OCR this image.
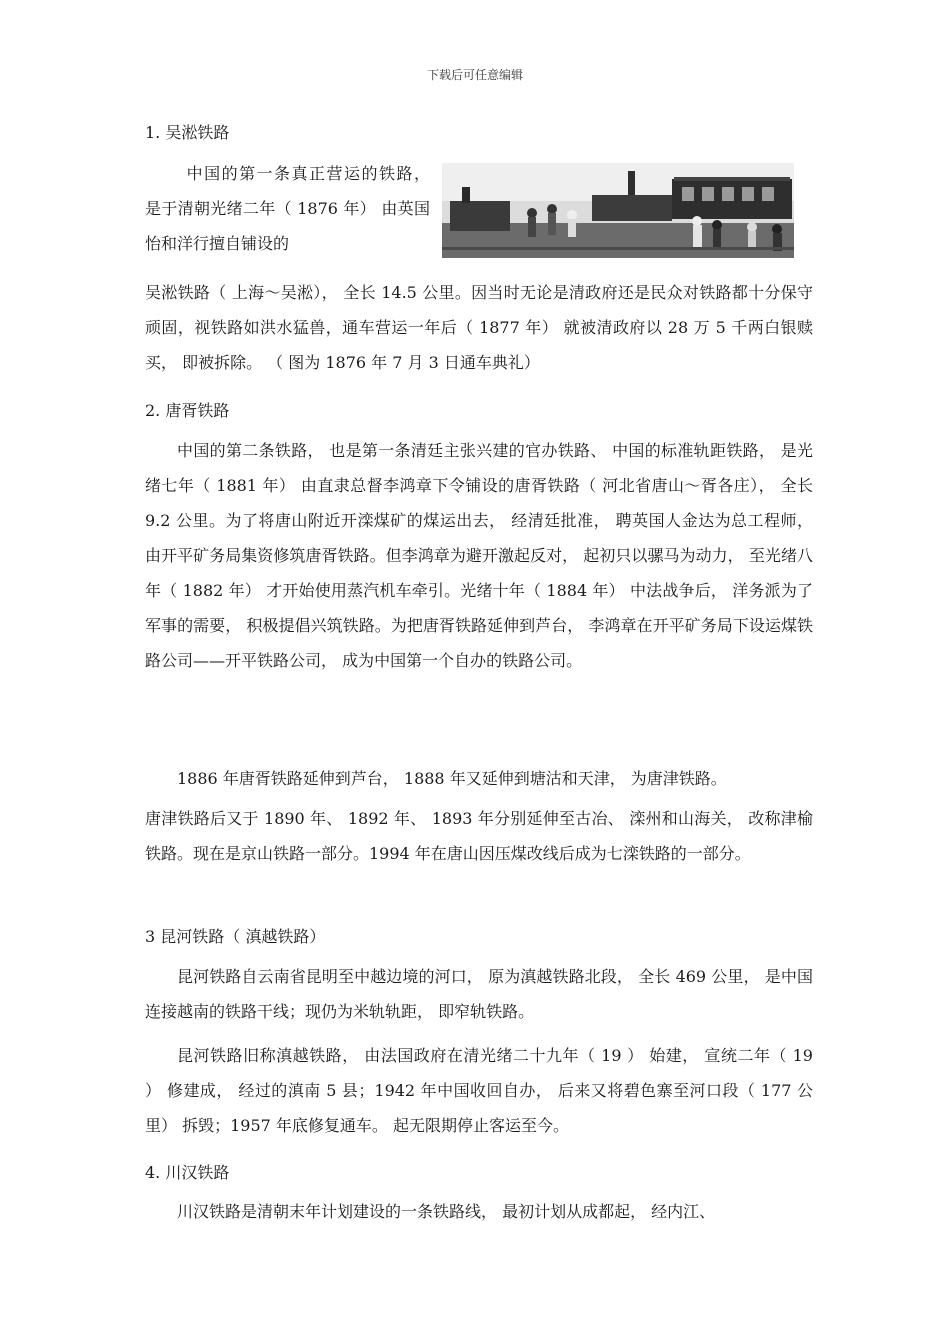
下载后可任意编辑
1. 吴淞铁路

中国的第一条真正营运的铁路， 是于清朝光绪二年（ 1876 年） 由英国怡和洋行擅自铺设的

吴淞铁路（ 上海～吴淞）， 全长 14.5 公里。因当时无论是清政府还是民众对铁路都十分保守顽固，视铁路如洪水猛兽，通车营运一年后（ 1877 年） 就被清政府以 28 万 5 千两白银赎买， 即被拆除。 （ 图为 1876 年 7 月 3 日通车典礼）

2. 唐胥铁路

中国的第二条铁路， 也是第一条清廷主张兴建的官办铁路、 中国的标准轨距铁路， 是光绪七年（ 1881 年） 由直隶总督李鸿章下令铺设的唐胥铁路（ 河北省唐山～胥各庄）， 全长 9.2 公里。为了将唐山附近开滦煤矿的煤运出去， 经清廷批准， 聘英国人金达为总工程师， 由开平矿务局集资修筑唐胥铁路。但李鸿章为避开激起反对， 起初只以骡马为动力， 至光绪八年（ 1882 年） 才开始使用蒸汽机车牵引。光绪十年（ 1884 年） 中法战争后， 洋务派为了军事的需要， 积极提倡兴筑铁路。为把唐胥铁路延伸到芦台， 李鸿章在开平矿务局下设运煤铁路公司——开平铁路公司， 成为中国第一个自办的铁路公司。

1886 年唐胥铁路延伸到芦台， 1888 年又延伸到塘沽和天津， 为唐津铁路。

唐津铁路后又于 1890 年、 1892 年、 1893 年分别延伸至古冶、 滦州和山海关， 改称津榆铁路。现在是京山铁路一部分。1994 年在唐山因压煤改线后成为七滦铁路的一部分。

3 昆河铁路（ 滇越铁路）

昆河铁路自云南省昆明至中越边境的河口， 原为滇越铁路北段， 全长 469 公里， 是中国连接越南的铁路干线；现仍为米轨轨距， 即窄轨铁路。

昆河铁路旧称滇越铁路， 由法国政府在清光绪二十九年（ 19 ） 始建， 宣统二年（ 19 ） 修建成， 经过的滇南 5 县；1942 年中国收回自办， 后来又将碧色寨至河口段（ 177 公里） 拆毁；1957 年底修复通车。 起无限期停止客运至今。

4. 川汉铁路

川汉铁路是清朝末年计划建设的一条铁路线， 最初计划从成都起， 经内江、
